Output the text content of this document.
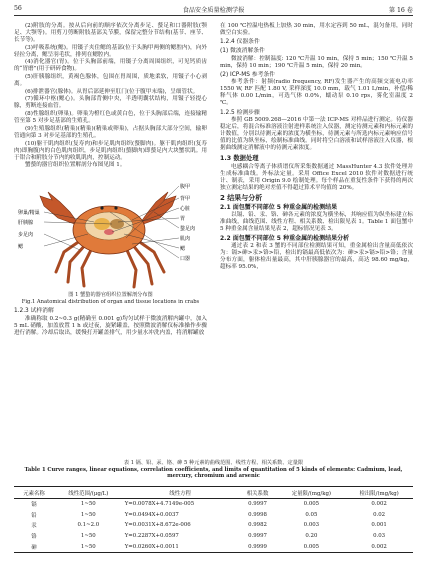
56	食品安全质量检测学报	第 16 卷

(2)附肢的分离。按从后向前的顺序依次分离步足、螯足和口器附肢(颚足、大颚等)。用剪刀剪断附肢基部关节膜，保留完整分节结构(基节、座节、长节等)。

(3)呼吸系统(鳃)。用镊子夹住鳃的基部(位于头胸甲两侧的鳃腔内)，向外轻拉分离，鳃呈羽毛状，排列在鳃腔内。

(4)消化器官(胃)。位于头胸部前端，用镊子分离周围组织，可见钙质齿的“胃磨”(用于研碎食物)。

(5)肝胰腺组织，黄褐色腺体，包围在胃周围，质地柔软，用镊子小心剥离。

(6)排泄器官(腺体)。从胃后部延伸至肛门(位于腹甲末端)，呈细管状。

(7)循环中枢(鳃心)。头胸部背侧中央，半透明囊状结构，用镊子轻提心腺，剪断连接血管。

(8)性腺组织(卵巢)。卵巢为橙红色或黄白色，位于头胸部后端，连接输精管至第 5 对步足基部的生殖孔。

(9)生殖腺组织(精巢)(精巢)(精巢或卵巢)，占据头胸部大部分空间，输卵管通向第 3 对步足基部的生殖孔。

(10)躯干肌肉组织(复寿肉)和步足肌肉组织(螯脚肉)。躯干肌肉组织(复寿肉)即胸腹内的白色肌肉组织，步足肌肉组织(螯脚肉)即螯足内大块蟹状肌。用于钳合和附肢分节内的收肌肌肉，控制运动。

蟹螯的器官组织位置解剖分布图见图 1。

卵巢/精巢
肝胰腺
步足肉
鳃
腹甲
背甲
心脏
胃
螯足肉
肌肉
鳃
口器
图 1 蟹螯的器官组织位置解剖分布图
Fig.1 Anatomical distribution of organ and tissue locations in crabs
1.2.3 试样消解

准确称取 0.2~0.3 g(精确至 0.001 g)均匀试样于微波消解内罐中，加入 5 mL 硝酸，加盖放置 1 h 或过夜，旋紧罐盖，按照微波消解仪标准操作步骤进行消解。冷却后取出，缓慢打开罐盖排气，用少量水冲洗内盖，将消解罐放

在 100 ℃控温电热板上加热 30 min，用水定容到 50 mL，混匀备用，同时做空白实验。

1.2.4 仪器条件
(1) 微波消解条件

微波消解：控制温度: 120 ℃升温 10 min，保持 5 min；150 ℃升温 5 min，保持 10 min；190 ℃升温 5 min，保持 20 min。

(2) ICP-MS 参考条件

参考条件：射频(radio frequency, RF)发生器产生的高频交流电功率 1550 W, RF 匹配 1.80 V, 采样深度 10.0 mm，载气 1.01 L/min，补偿/稀释气体 0.00 L/min，可选气体 0.0%，蠕动泵 0.10 rps，雾化室温度 2 ℃。

1.2.5 检测步骤

参照 GB 5009.268—2016 中第一法 ICP-MS 对样品进行测定。待仪器稳定后，将混合标准溶液注射进样系统注入仪器，测定待测元素和内标元素的计数值，分别以待测元素的浓度为横坐标，待测元素与所选内标元素响应信号值的比值为纵坐标，绘制标准曲线。同时将空白溶液和试样溶液注入仪器，根据曲线测定消解液中的待测元素浓度。

1.3 数据处理

电感耦合等离子体质谱仪所采集数据通过 MassHunter 4.3 软件处理并生成标准曲线。外标法定量。采用 Office Excel 2010 软件对数据进行统计、制表，采用 Origin 9.0 绘制处理。每个样品在重复性条件下获得的两次独立测定结果的绝对差值不得超过算术平均值的 20%。

2 结果与分析
2.1 面包蟹不同部位 5 种重金属的检测结果

以镉、铅、汞、铬、砷各元素的浓度为横坐标，其响应值为纵坐标建立标准曲线，曲线范围、线性方程、相关系数、检出限见表 1。Table 1 面包蟹中 5 种重金属含量结果见表 2，超标情况见表 3。

2.2 面包蟹不同部位 5 种重金属的检测结果分析

通过表 2 和表 3 蟹的不同部位检测结果可知，重金属检出含量高低依次为：镉>砷>汞>铬>铅，检出的镉最高低依次为：砷>汞>镉>铅>铬；含量分布方面，躯体检出量最高，其中肝胰腺器官的最高，高达 98.60 mg/kg，超标率 95.0%，

表 1 镉、铅、汞、铬、砷 5 种元素的曲线范围、线性方程、相关系数、定量限
Table 1 Curve ranges, linear equations, correlation coefficients, and limits of quantitation of 5 kinds of elements: Cadmium, lead, mercury, chromium and arsenic
元素名称	线性范围/(μg/L)	线性方程	相关系数	定量限/(mg/kg)	检出限/(mg/kg)
镉	1~50	Y=0.0078X+4.7149e-005	0.9997	0.005	0.002
铅	1~50	Y=0.0494X+0.0037	0.9998	0.05	0.02
汞	0.1~2.0	Y=0.0031X+8.672e-006	0.9982	0.003	0.001
铬	1~50	Y=0.2287X+0.0597	0.9997	0.20	0.03
砷	1~50	Y=0.0260X+0.0011	0.9999	0.005	0.002
